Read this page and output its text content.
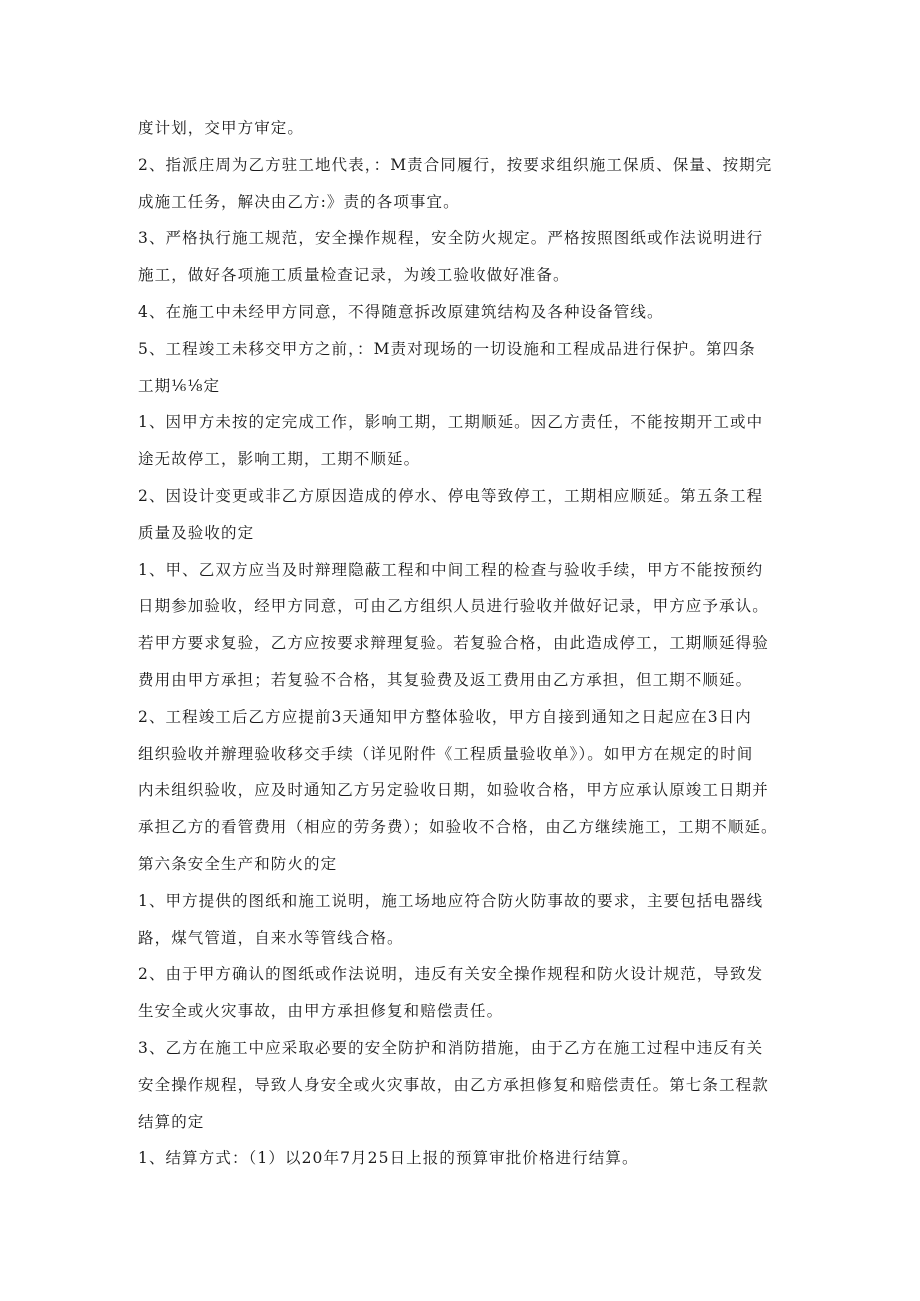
度计划，交甲方审定。
2、指派庄周为乙方驻工地代表，：M责合同履行，按要求组织施工保质、保量、按期完
成施工任务，解决由乙方:》责的各项事宜。
3、严格执行施工规范，安全操作规程，安全防火规定。严格按照图纸或作法说明进行
施工，做好各项施工质量检查记录，为竣工验收做好准备。
4、在施工中未经甲方同意，不得随意拆改原建筑结构及各种设备管线。
5、工程竣工未移交甲方之前，：M责对现场的一切设施和工程成品进行保护。第四条
工期⅙⅛定
1、因甲方未按的定完成工作，影响工期，工期顺延。因乙方责任，不能按期开工或中
途无故停工，影响工期，工期不顺延。
2、因设计变更或非乙方原因造成的停水、停电等致停工，工期相应顺延。第五条工程
质量及验收的定
1、甲、乙双方应当及时辩理隐蔽工程和中间工程的检查与验收手续，甲方不能按预约
日期参加验收，经甲方同意，可由乙方组织人员进行验收并做好记录，甲方应予承认。
若甲方要求复验，乙方应按要求辩理复验。若复验合格，由此造成停工，工期顺延得验
费用由甲方承担；若复验不合格，其复验费及返工费用由乙方承担，但工期不顺延。
2、工程竣工后乙方应提前3天通知甲方整体验收，甲方自接到通知之日起应在3日内
组织验收并辦理验收移交手续（详见附件《工程质量验收单》）。如甲方在规定的时间
内未组织验收，应及时通知乙方另定验收日期，如验收合格，甲方应承认原竣工日期并
承担乙方的看管费用（相应的劳务费）；如验收不合格，由乙方继续施工，工期不顺延。
第六条安全生产和防火的定
1、甲方提供的图纸和施工说明，施工场地应符合防火防事故的要求，主要包括电器线
路，煤气管道，自来水等管线合格。
2、由于甲方确认的图纸或作法说明，违反有关安全操作规程和防火设计规范，导致发
生安全或火灾事故，由甲方承担修复和赔偿责任。
3、乙方在施工中应采取必要的安全防护和消防措施，由于乙方在施工过程中违反有关
安全操作规程，导致人身安全或火灾事故，由乙方承担修复和赔偿责任。第七条工程款
结算的定
1、结算方式：（1）以20年7月25日上报的预算审批价格进行结算。
